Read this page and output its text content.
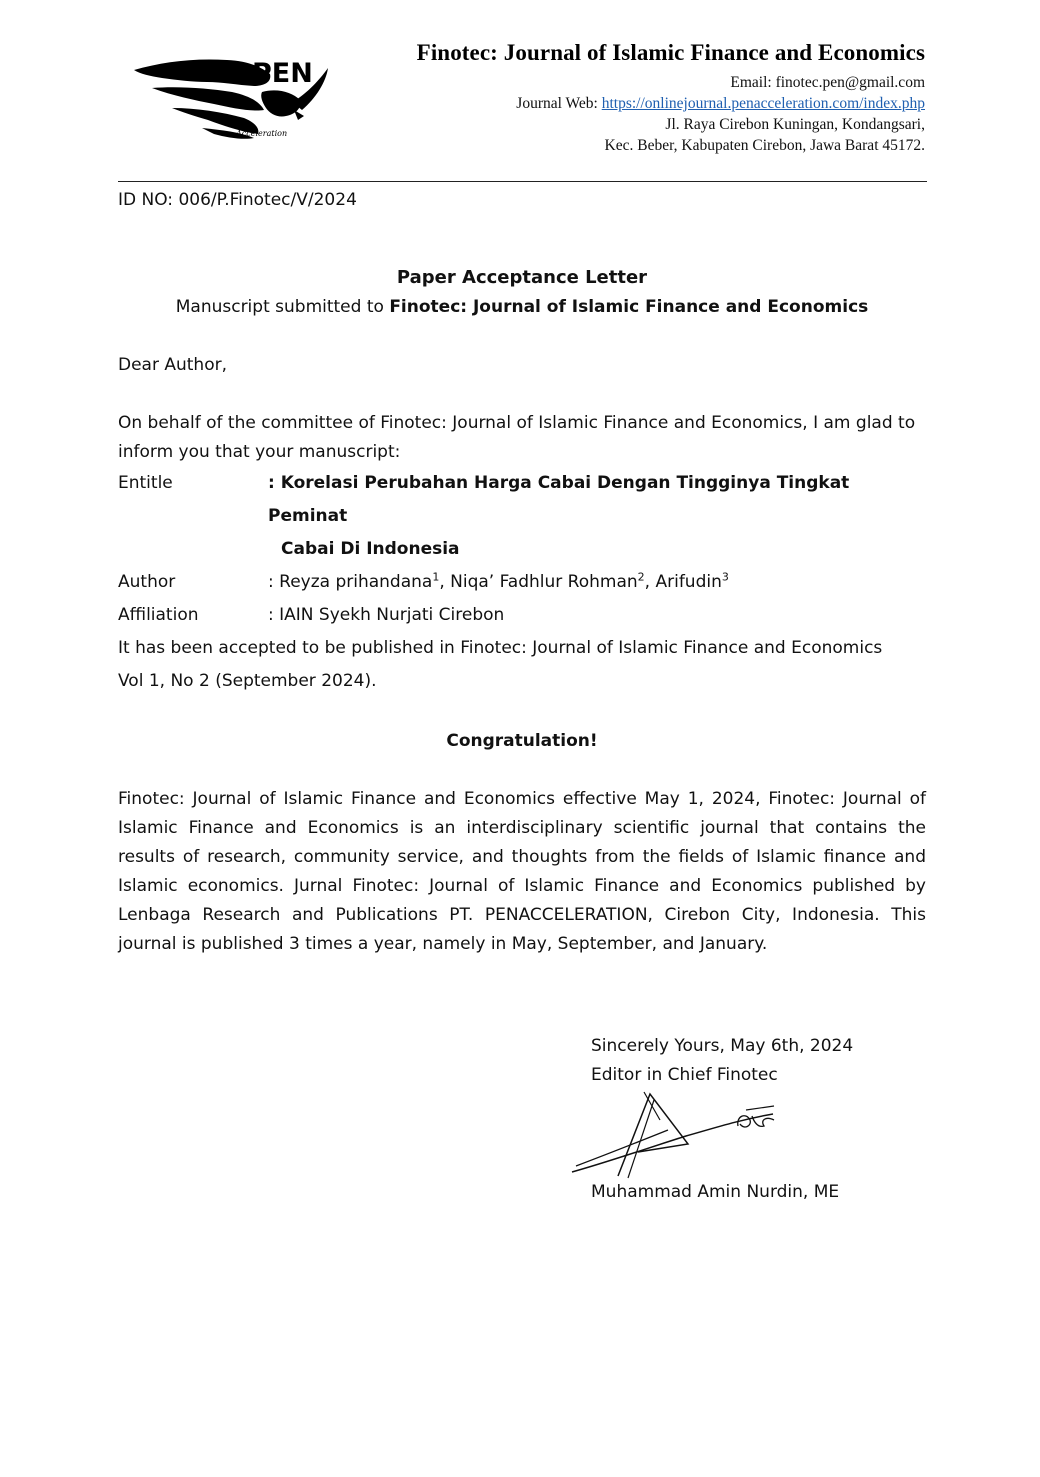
PEN
Acceleration

Finotec: Journal of Islamic Finance and Economics

Email: finotec.pen@gmail.com

Journal Web: https://onlinejournal.penacceleration.com/index.php

Jl. Raya Cirebon Kuningan, Kondangsari,

Kec. Beber, Kabupaten Cirebon, Jawa Barat 45172.

ID NO: 006/P.Finotec/V/2024

Paper Acceptance Letter

Manuscript submitted to Finotec: Journal of Islamic Finance and Economics

Dear Author,

On behalf of the committee of Finotec: Journal of Islamic Finance and Economics, I am glad to inform you that your manuscript:

Entitle	: Korelasi Perubahan Harga Cabai Dengan Tingginya Tingkat Peminat
Cabai Di Indonesia
Author	: Reyza prihandana$^1$, Niqa’ Fadhlur Rohman$^2$, Arifudin$^3$
Affiliation	: IAIN Syekh Nurjati Cirebon

It has been accepted to be published in Finotec: Journal of Islamic Finance and Economics

Vol 1, No 2 (September 2024).

Congratulation!

Finotec: Journal of Islamic Finance and Economics effective May 1, 2024, Finotec: Journal of Islamic Finance and Economics is an interdisciplinary scientific journal that contains the results of research, community service, and thoughts from the fields of Islamic finance and Islamic economics. Jurnal Finotec: Journal of Islamic Finance and Economics published by Lenbaga Research and Publications PT. PENACCELERATION, Cirebon City, Indonesia. This journal is published 3 times a year, namely in May, September, and January.

Sincerely Yours, May 6th, 2024

Editor in Chief Finotec

Muhammad Amin Nurdin, ME
